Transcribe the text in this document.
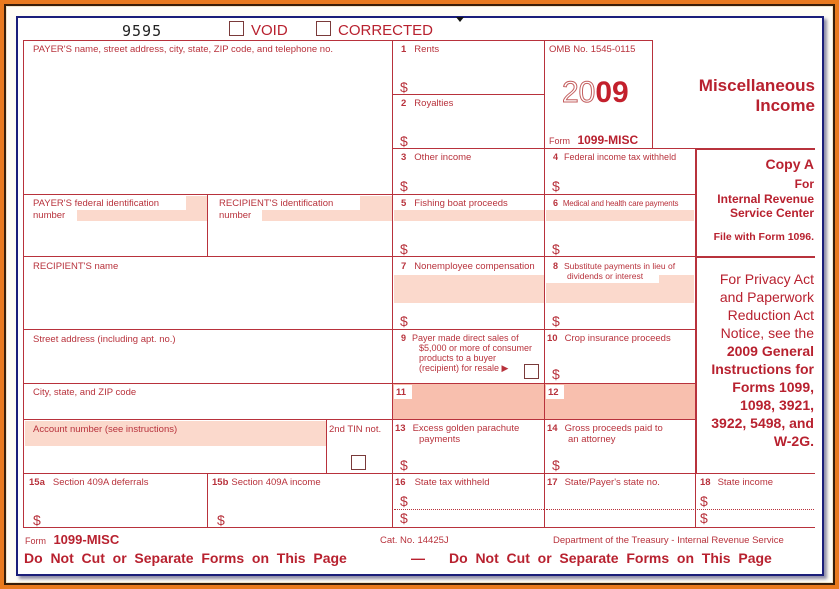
9595	VOID	CORRECTED
PAYER'S name, street address, city, state, ZIP code, and telephone no.
PAYER'S federal identification
number
RECIPIENT'S identification
number
RECIPIENT'S name
Street address (including apt. no.)
City, state, and ZIP code
Account number (see instructions)	2nd TIN not.
15a Section 409A deferrals
$
15b Section 409A income
$
1 Rents
$
2 Royalties
$
3 Other income
$
5 Fishing boat proceeds
$
7 Nonemployee compensation
$
9 Payer made direct sales of
$5,000 or more of consumer
products to a buyer
(recipient) for resale ▶
11
13 Excess golden parachute
payments
$
16 State tax withheld
$
$
OMB No. 1545-0115
2009
Form 1099-MISC
Miscellaneous
Income
4 Federal income tax withheld
$
6 Medical and health care payments
$
8 Substitute payments in lieu of
dividends or interest
$
10 Crop insurance proceeds
$
12
14 Gross proceeds paid to
an attorney
$
17 State/Payer's state no.
Copy A
For
Internal Revenue
Service Center
File with Form 1096.
For Privacy Act
and Paperwork
Reduction Act
Notice, see the
2009 General
Instructions for
Forms 1099,
1098, 3921,
3922, 5498, and
W-2G.
18 State income
$
$
Form 1099-MISC	Cat. No. 14425J	Department of the Treasury - Internal Revenue Service
Do  Not  Cut  or  Separate  Forms  on  This  Page	— Do  Not  Cut  or  Separate  Forms  on  This  Page
